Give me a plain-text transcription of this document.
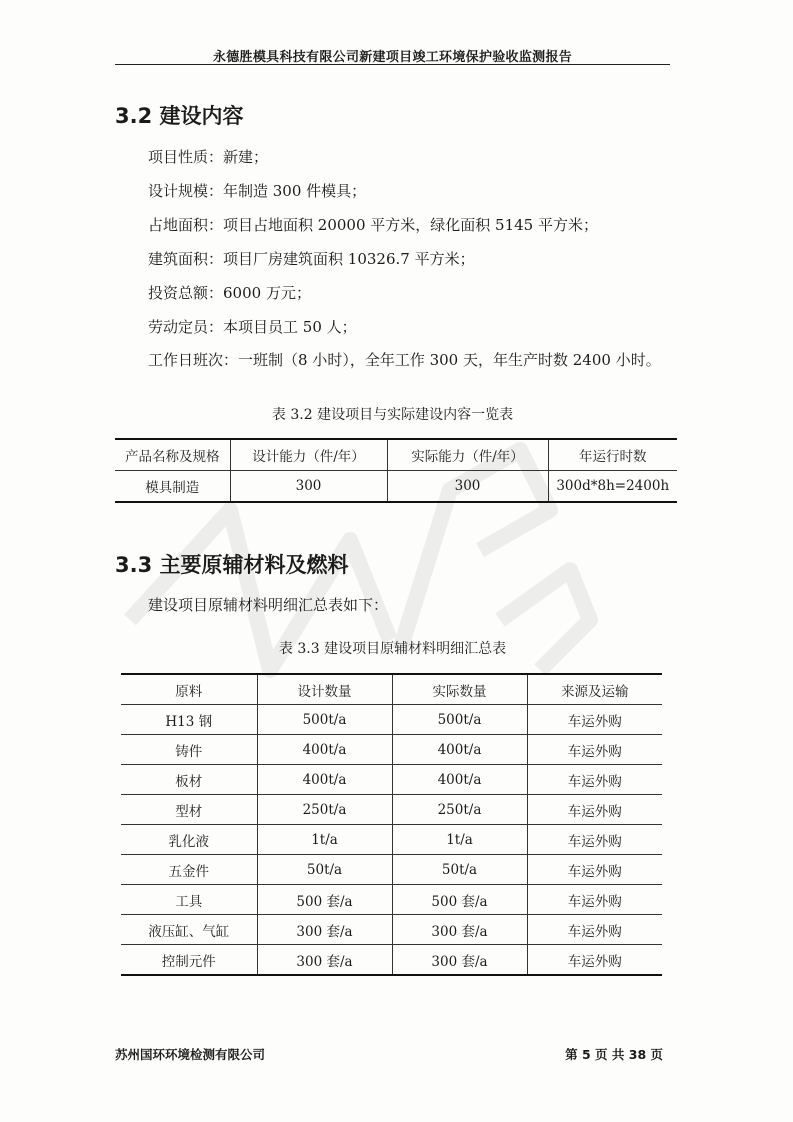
永德胜模具科技有限公司新建项目竣工环境保护验收监测报告
3.2 建设内容
项目性质：新建；
设计规模：年制造 300 件模具；
占地面积：项目占地面积 20000 平方米，绿化面积 5145 平方米；
建筑面积：项目厂房建筑面积 10326.7 平方米；
投资总额：6000 万元；
劳动定员：本项目员工 50 人；
工作日班次：一班制（8 小时），全年工作 300 天，年生产时数 2400 小时。
表 3.2 建设项目与实际建设内容一览表
产品名称及规格	设计能力（件/年）	实际能力（件/年）	年运行时数
模具制造	300	300	300d*8h=2400h
3.3 主要原辅材料及燃料
建设项目原辅材料明细汇总表如下：
表 3.3 建设项目原辅材料明细汇总表
原料	设计数量	实际数量	来源及运输
H13 钢	500t/a	500t/a	车运外购
铸件	400t/a	400t/a	车运外购
板材	400t/a	400t/a	车运外购
型材	250t/a	250t/a	车运外购
乳化液	1t/a	1t/a	车运外购
五金件	50t/a	50t/a	车运外购
工具	500 套/a	500 套/a	车运外购
液压缸、气缸	300 套/a	300 套/a	车运外购
控制元件	300 套/a	300 套/a	车运外购
苏州国环环境检测有限公司	第 5 页 共 38 页
